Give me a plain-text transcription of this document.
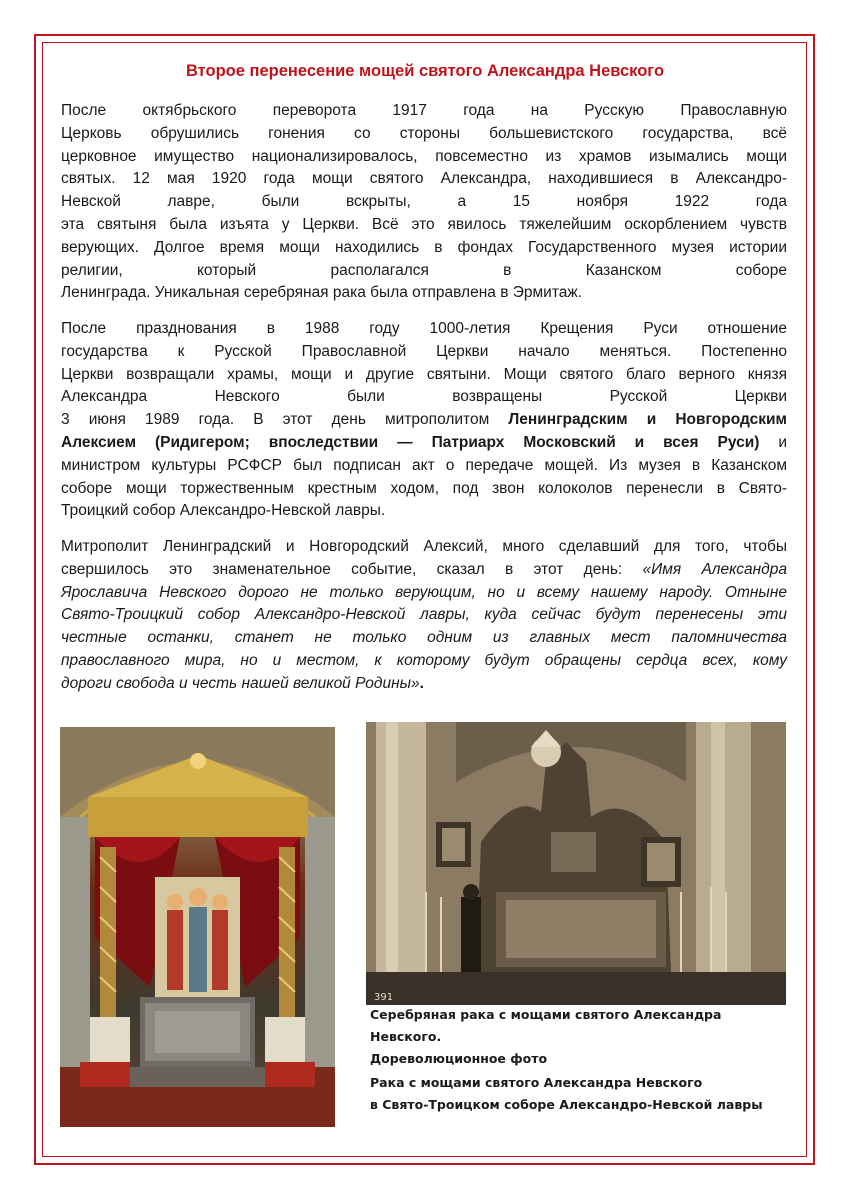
Второе перенесение мощей святого Александра Невского
После октябрьского переворота 1917 года на Русскую Православную
Церковь обрушились гонения со стороны большевистского государства, всё
церковное имущество национализировалось, повсеместно из храмов изымались мощи
святых. 12 мая 1920 года мощи святого Александра, находившиеся в Александро-
Невской лавре, были вскрыты, а 15 ноября 1922 года
эта святыня была изъята у Церкви. Всё это явилось тяжелейшим оскорблением чувств
верующих. Долгое время мощи находились в фондах Государственного музея истории
религии, который располагался в Казанском соборе
Ленинграда. Уникальная серебряная рака была отправлена в Эрмитаж.
После празднования в 1988 году 1000-летия Крещения Руси отношение
государства к Русской Православной Церкви начало меняться. Постепенно
Церкви возвращали храмы, мощи и другие святыни. Мощи святого благо верного князя
Александра Невского были возвращены Русской Церкви
3 июня 1989 года. В этот день митрополитом Ленинградским и Новгородским
Алексием (Ридигером; впоследствии — Патриарх Московский и всея Руси) и
министром культуры РСФСР был подписан акт о передаче мощей. Из музея в Казанском
соборе мощи торжественным крестным ходом, под звон колоколов перенесли в Свято-
Троицкий собор Александро-Невской лавры.
Митрополит Ленинградский и Новгородский Алексий, много сделавший для того, чтобы
свершилось это знаменательное событие, сказал в этот день: «Имя Александра
Ярославича Невского дорого не только верующим, но и всему нашему народу. Отныне
Свято-Троицкий собор Александро-Невской лавры, куда сейчас будут перенесены эти
честные останки, станет не только одним из главных мест паломничества
православного мира, но и местом, к которому будут обращены сердца всех, кому
дороги свобода и честь нашей великой Родины».
391
Серебряная рака с мощами святого Александра Невского.
Дореволюционное фото
Рака с мощами святого Александра Невского
в Свято-Троицком соборе Александро-Невской лавры
